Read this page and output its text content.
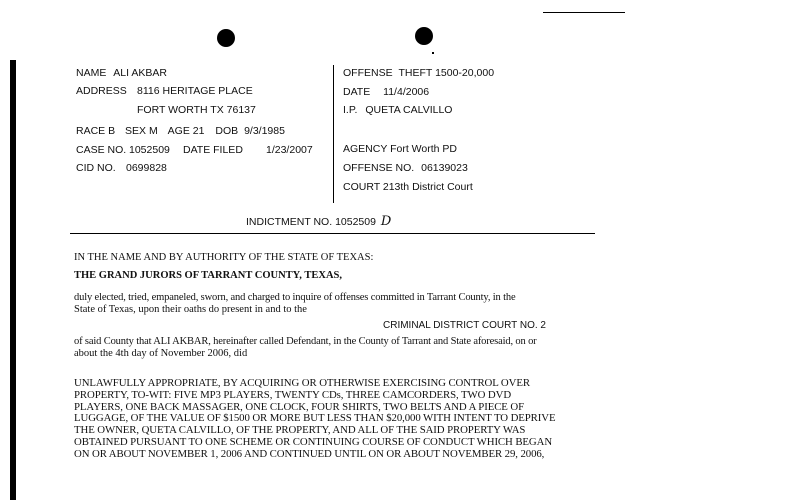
NAME ALI AKBAR
ADDRESS 8116 HERITAGE PLACE
FORT WORTH TX 76137
RACE B SEX M AGE 21 DOB 9/3/1985
CASE NO. 1052509 DATE FILED 1/23/2007
CID NO. 0699828
OFFENSE THEFT 1500-20,000
DATE 11/4/2006
I.P. QUETA CALVILLO
AGENCY Fort Worth PD
OFFENSE NO. 06139023
COURT 213th District Court
INDICTMENT NO. 1052509 D
IN THE NAME AND BY AUTHORITY OF THE STATE OF TEXAS:
THE GRAND JURORS OF TARRANT COUNTY, TEXAS,
duly elected, tried, empaneled, sworn, and charged to inquire of offenses committed in Tarrant County, in the
State of Texas, upon their oaths do present in and to the
CRIMINAL DISTRICT COURT NO. 2
of said County that ALI AKBAR, hereinafter called Defendant, in the County of Tarrant and State aforesaid, on or
about the 4th day of November 2006, did
UNLAWFULLY APPROPRIATE, BY ACQUIRING OR OTHERWISE EXERCISING CONTROL OVER
PROPERTY, TO-WIT: FIVE MP3 PLAYERS, TWENTY CDs, THREE CAMCORDERS, TWO DVD
PLAYERS, ONE BACK MASSAGER, ONE CLOCK, FOUR SHIRTS, TWO BELTS AND A PIECE OF
LUGGAGE, OF THE VALUE OF $1500 OR MORE BUT LESS THAN $20,000 WITH INTENT TO DEPRIVE
THE OWNER, QUETA CALVILLO, OF THE PROPERTY, AND ALL OF THE SAID PROPERTY WAS
OBTAINED PURSUANT TO ONE SCHEME OR CONTINUING COURSE OF CONDUCT WHICH BEGAN
ON OR ABOUT NOVEMBER 1, 2006 AND CONTINUED UNTIL ON OR ABOUT NOVEMBER 29, 2006,
